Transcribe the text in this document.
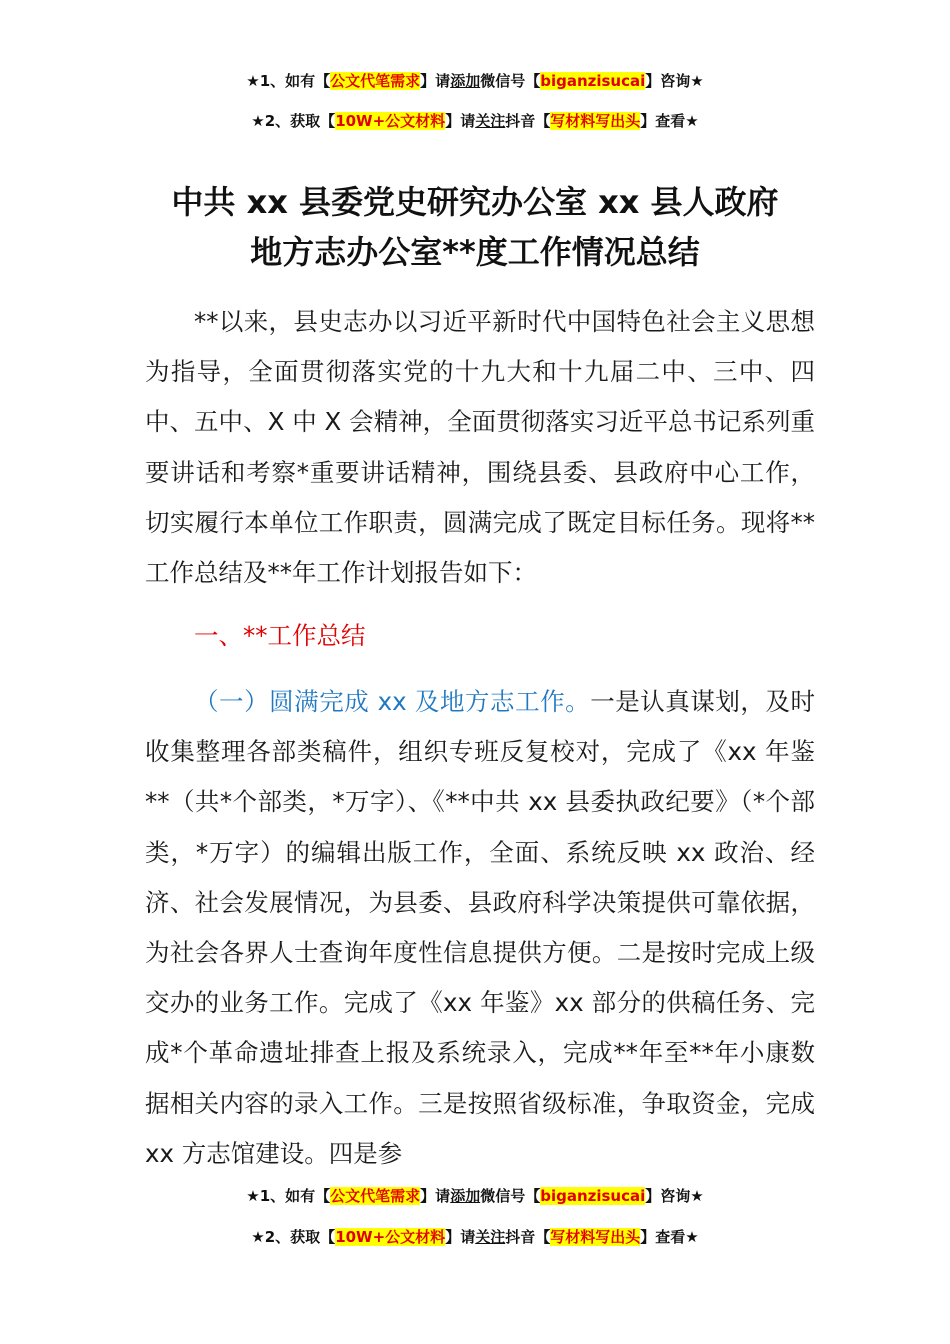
★1、如有【公文代笔需求】请添加微信号【biganzisucai】咨询★
★2、获取【10W+公文材料】请关注抖音【写材料写出头】查看★
中共 xx 县委党史研究办公室 xx 县人政府
地方志办公室**度工作情况总结

**以来，县史志办以习近平新时代中国特色社会主义思想为指导，全面贯彻落实党的十九大和十九届二中、三中、四中、五中、X 中 X 会精神，全面贯彻落实习近平总书记系列重要讲话和考察*重要讲话精神，围绕县委、县政府中心工作，切实履行本单位工作职责，圆满完成了既定目标任务。现将**工作总结及**年工作计划报告如下：

一、**工作总结

（一）圆满完成 xx 及地方志工作。一是认真谋划，及时收集整理各部类稿件，组织专班反复校对，完成了《xx 年鉴**（共*个部类，*万字）、《**中共 xx 县委执政纪要》（*个部类，*万字）的编辑出版工作，全面、系统反映 xx 政治、经济、社会发展情况，为县委、县政府科学决策提供可靠依据，为社会各界人士查询年度性信息提供方便。二是按时完成上级交办的业务工作。完成了《xx 年鉴》xx 部分的供稿任务、完成*个革命遗址排查上报及系统录入，完成**年至**年小康数据相关内容的录入工作。三是按照省级标准，争取资金，完成 xx 方志馆建设。四是参

★1、如有【公文代笔需求】请添加微信号【biganzisucai】咨询★
★2、获取【10W+公文材料】请关注抖音【写材料写出头】查看★
